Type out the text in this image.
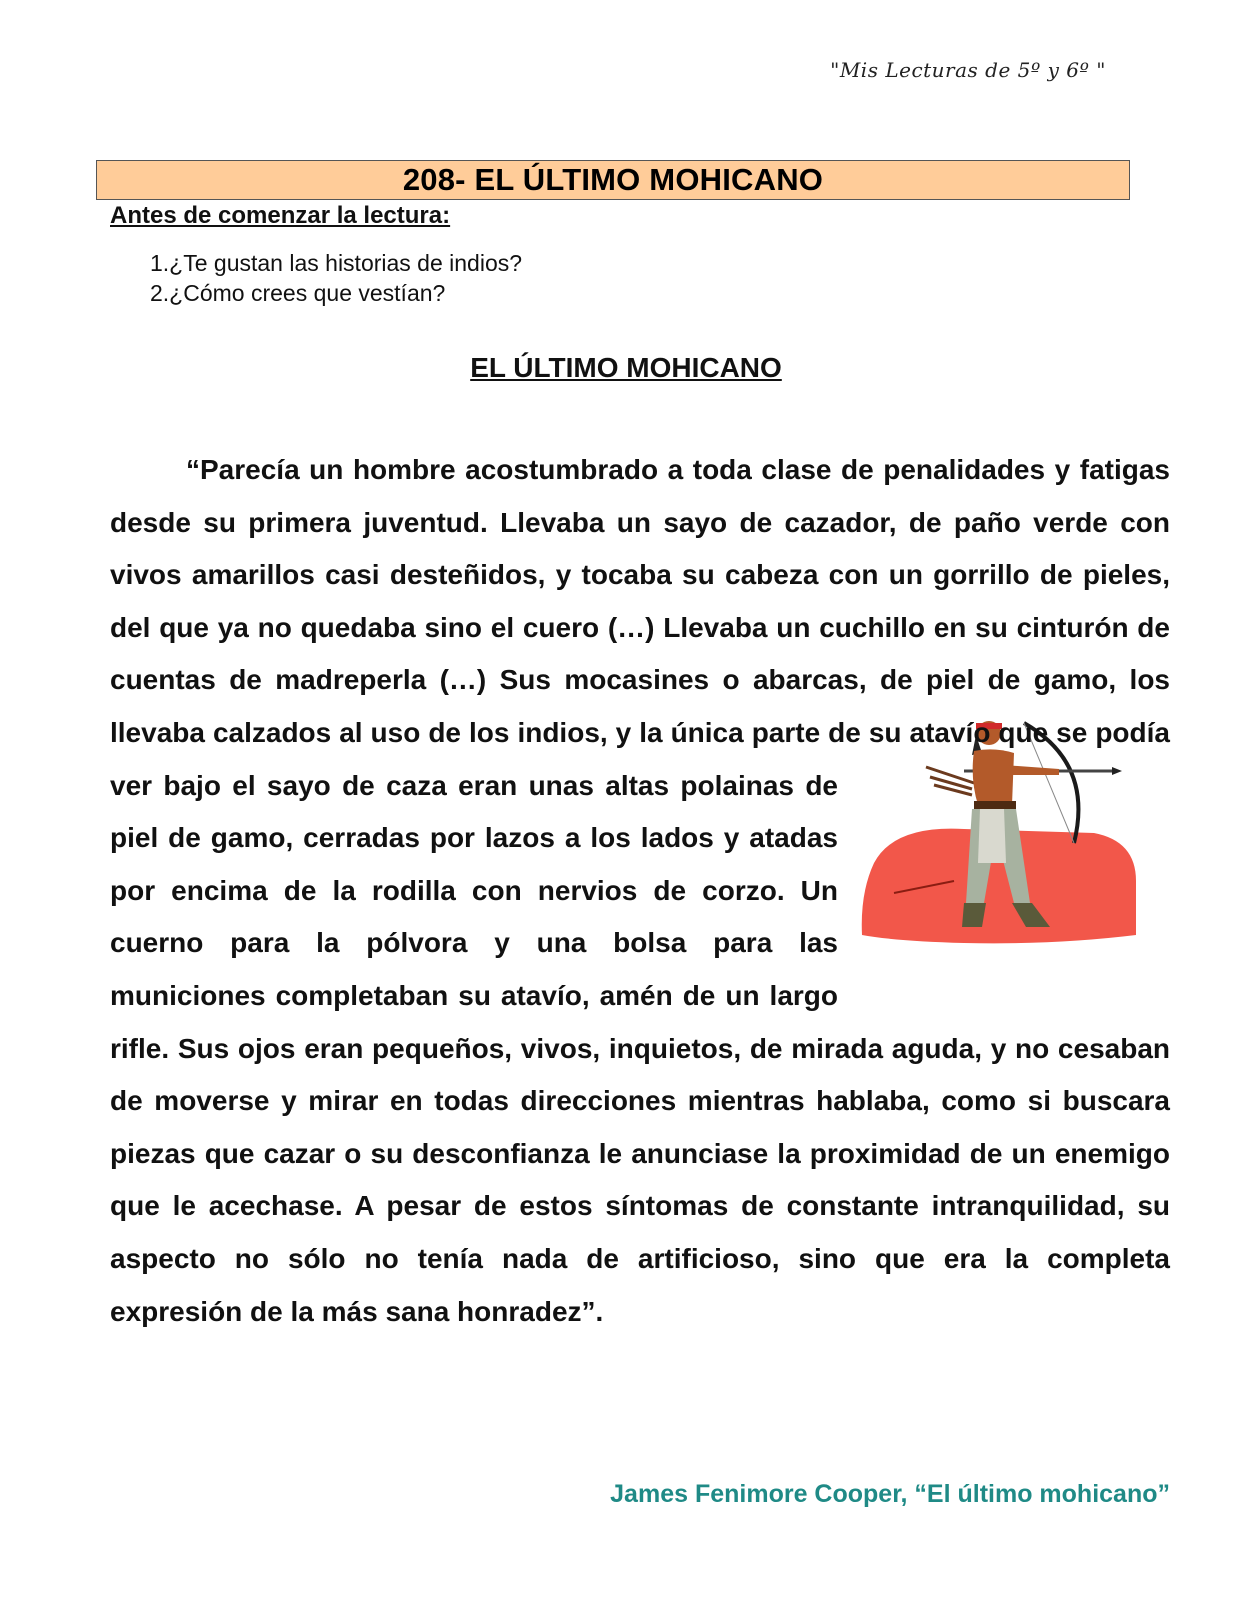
"Mis Lecturas de 5º y 6º "
208- EL ÚLTIMO MOHICANO
Antes de comenzar la lectura:
1.¿Te gustan las historias de indios?
2.¿Cómo crees que vestían?
EL ÚLTIMO MOHICANO

“Parecía un hombre acostumbrado a toda clase de penalidades y fatigas desde su primera juventud. Llevaba un sayo de cazador, de paño verde con vivos amarillos casi desteñidos, y tocaba su cabeza con un gorrillo de pieles, del que ya no quedaba sino el cuero (…) Llevaba un cuchillo en su cinturón de cuentas de madreperla (…) Sus mocasines o abarcas, de piel de gamo, los llevaba calzados al uso de
los indios, y la única parte de su atavío que se podía ver bajo el sayo de caza eran unas altas polainas de piel de gamo, cerradas por lazos a los lados y atadas por encima de la rodilla con nervios de corzo. Un cuerno para la pólvora y una bolsa para las municiones completaban su atavío, amén de un largo rifle. Sus ojos eran pequeños, vivos, inquietos, de mirada aguda, y no cesaban de moverse y mirar en todas direcciones mientras hablaba, como si buscara piezas que cazar o su desconfianza le anunciase la proximidad de un enemigo que le acechase. A pesar de estos síntomas de constante intranquilidad, su aspecto no sólo no tenía nada de artificioso, sino que era la completa expresión de la más sana honradez”.

James Fenimore Cooper, “El último mohicano”
